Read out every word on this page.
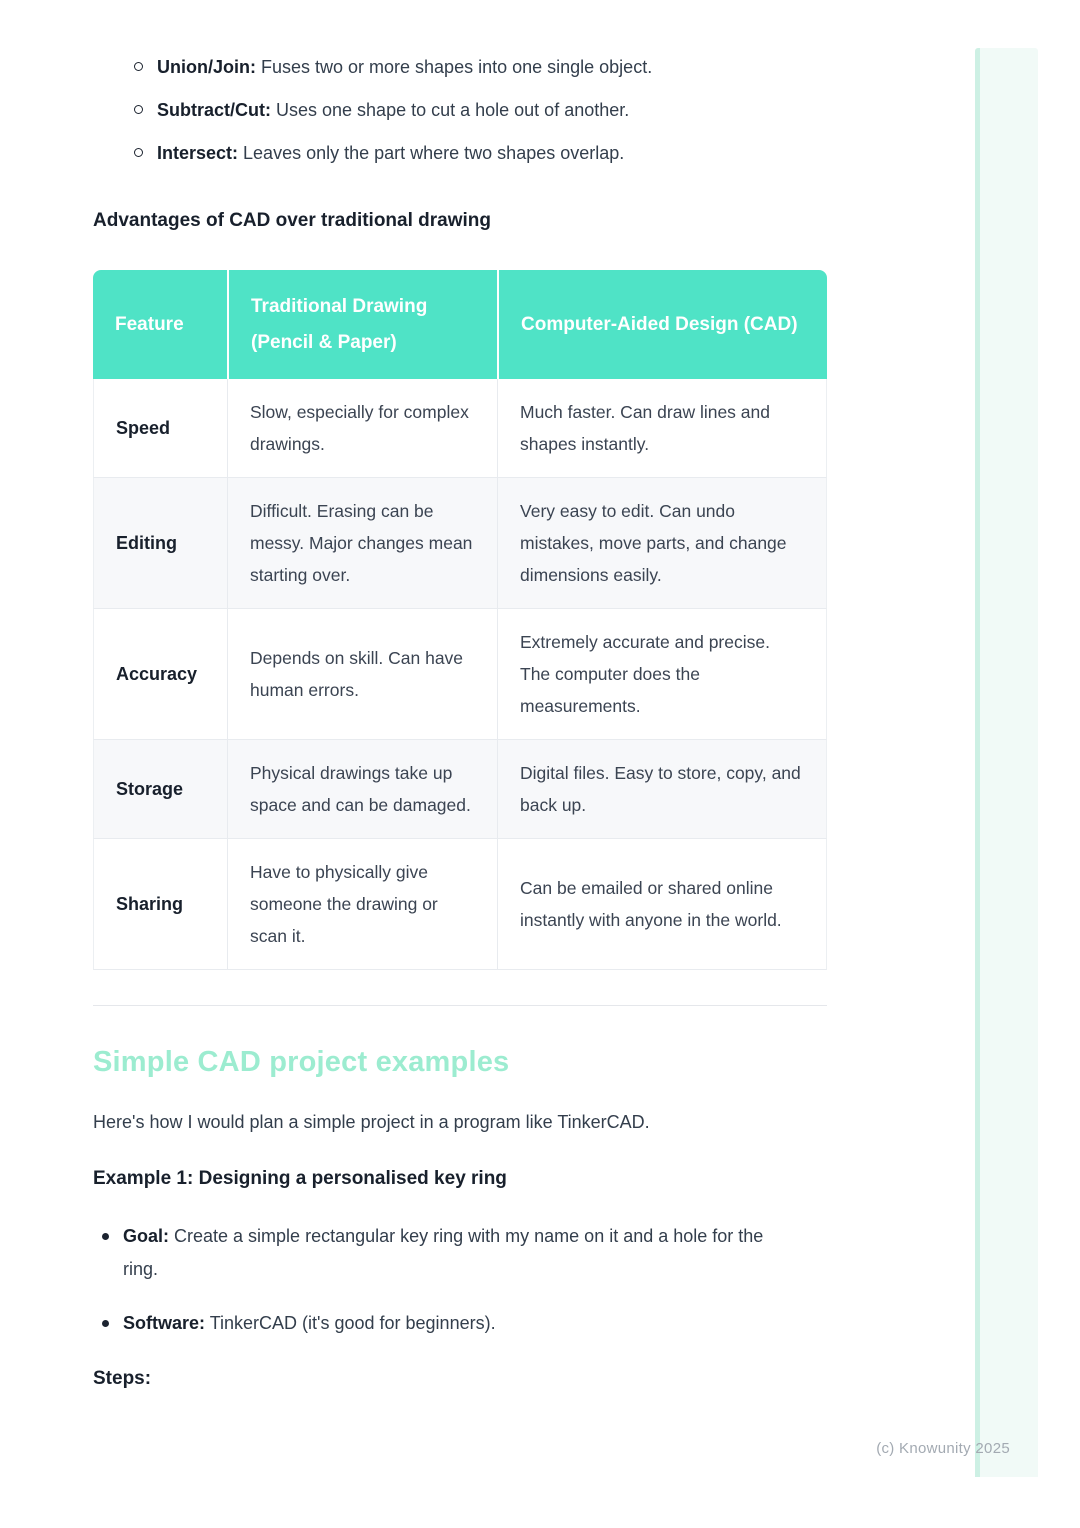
Union/Join: Fuses two or more shapes into one single object.
Subtract/Cut: Uses one shape to cut a hole out of another.
Intersect: Leaves only the part where two shapes overlap.
Advantages of CAD over traditional drawing
Feature	Traditional Drawing (Pencil & Paper)	Computer-Aided Design (CAD)
Speed	Slow, especially for complex drawings.	Much faster. Can draw lines and shapes instantly.
Editing	Difficult. Erasing can be messy. Major changes mean starting over.	Very easy to edit. Can undo mistakes, move parts, and change dimensions easily.
Accuracy	Depends on skill. Can have human errors.	Extremely accurate and precise. The computer does the measurements.
Storage	Physical drawings take up space and can be damaged.	Digital files. Easy to store, copy, and back up.
Sharing	Have to physically give someone the drawing or scan it.	Can be emailed or shared online instantly with anyone in the world.
Simple CAD project examples

Here's how I would plan a simple project in a program like TinkerCAD.

Example 1: Designing a personalised key ring
Goal: Create a simple rectangular key ring with my name on it and a hole for the ring.
Software: TinkerCAD (it's good for beginners).
Steps:
(c) Knowunity 2025
